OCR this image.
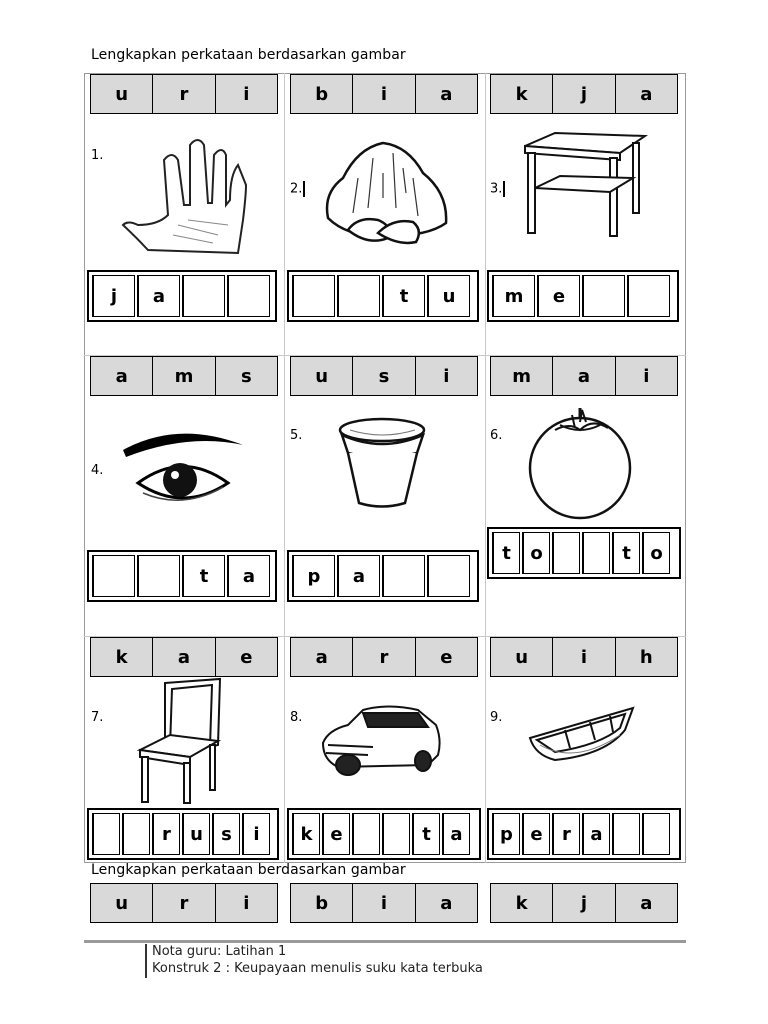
Lengkapkan perkataan berdasarkan gambar
u	r	i
1.
j	a
b	i	a
2.
t	u
k	j	a
3.
m	e
a	m	s
4.
t	a
u	s	i
5.
p	a
m	a	i
6.
t	o	t	o
k	a	e
7.
r	u	s	i
a	r	e
8.
k e	t	a
u	i	h
9.
p e	r	a
Lengkapkan perkataan berdasarkan gambar
u	r	i	b	i	a	k	j	a
Nota guru: Latihan 1
Konstruk 2 : Keupayaan menulis suku kata terbuka
